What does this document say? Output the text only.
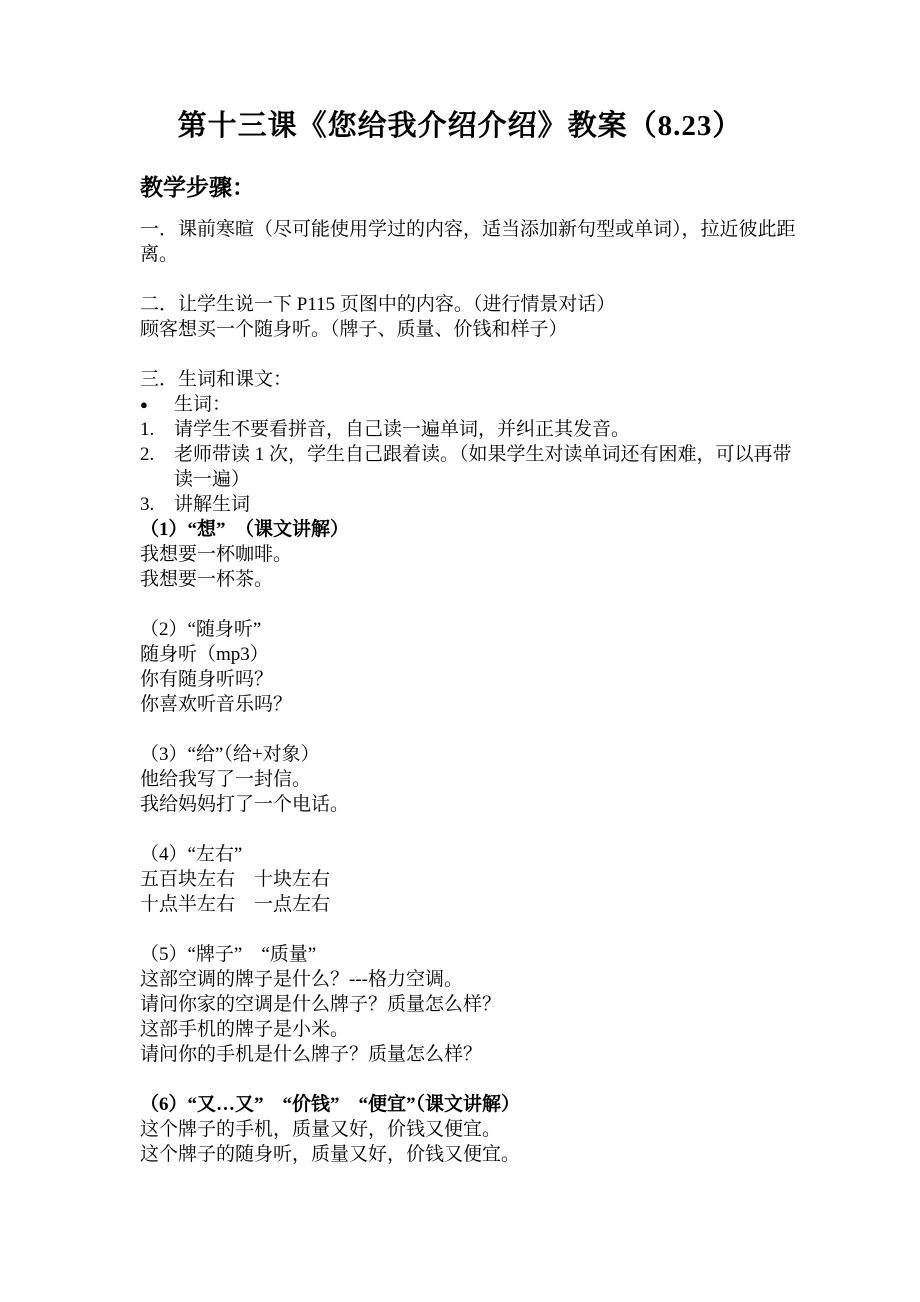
第十三课《您给我介绍介绍》教案（8.23）
教学步骤：

一．课前寒暄（尽可能使用学过的内容，适当添加新句型或单词），拉近彼此距离。

二．让学生说一下 P115 页图中的内容。（进行情景对话）

顾客想买一个随身听。（牌子、质量、价钱和样子）

三．生词和课文：

●	生词：
1.	请学生不要看拼音，自己读一遍单词，并纠正其发音。
2.	老师带读 1 次，学生自己跟着读。（如果学生对读单词还有困难，可以再带读一遍）
3.	讲解生词

（1）“想”　（课文讲解）

我想要一杯咖啡。

我想要一杯茶。

（2）“随身听”

随身听（mp3）

你有随身听吗？

你喜欢听音乐吗？

（3）“给”（给+对象）

他给我写了一封信。

我给妈妈打了一个电话。

（4）“左右”

五百块左右　十块左右

十点半左右　一点左右

（5）“牌子”　“质量”

这部空调的牌子是什么？---格力空调。

请问你家的空调是什么牌子？质量怎么样？

这部手机的牌子是小米。

请问你的手机是什么牌子？质量怎么样？

（6）“又…又”　“价钱”　“便宜”（课文讲解）

这个牌子的手机，质量又好，价钱又便宜。

这个牌子的随身听，质量又好，价钱又便宜。
